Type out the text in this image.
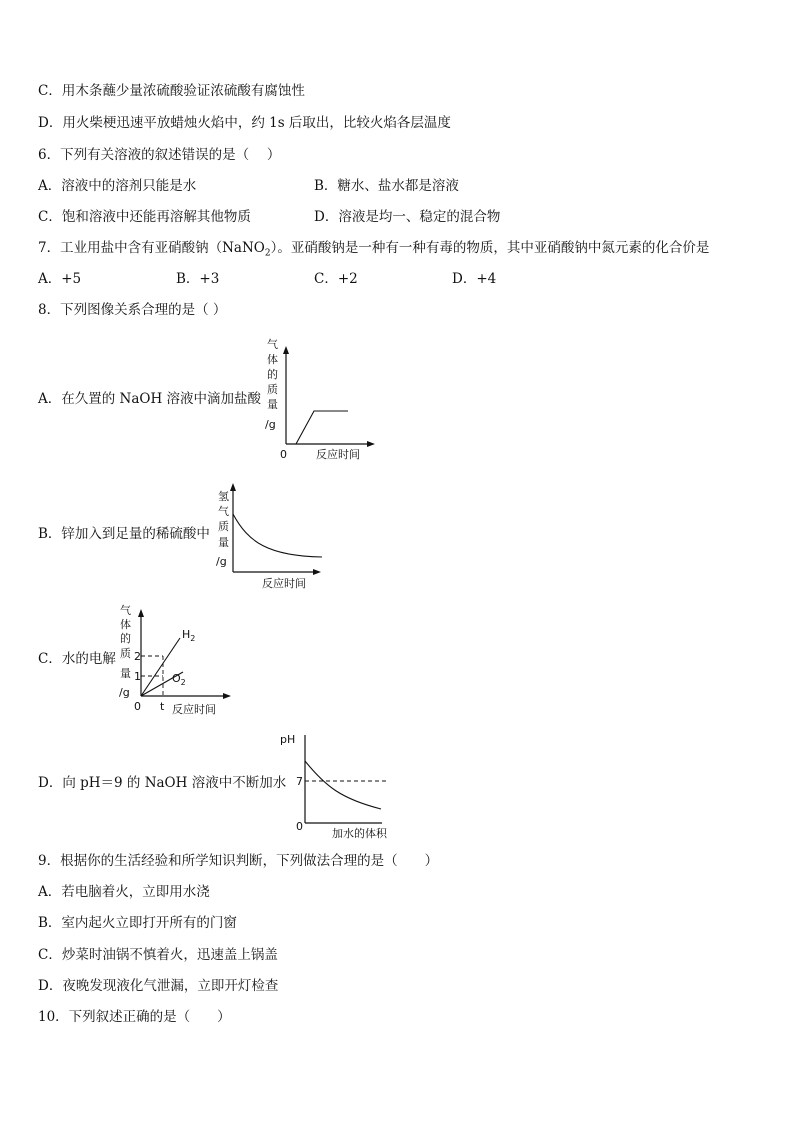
C．用木条蘸少量浓硫酸验证浓硫酸有腐蚀性
D．用火柴梗迅速平放蜡烛火焰中，约 1s 后取出，比较火焰各层温度
6．下列有关溶液的叙述错误的是（　 ）
A．溶液中的溶剂只能是水	B．糖水、盐水都是溶液
C．饱和溶液中还能再溶解其他物质	D．溶液是均一、稳定的混合物
7．工业用盐中含有亚硝酸钠（NaNO$_2$）。亚硝酸钠是一种有一种有毒的物质，其中亚硝酸钠中氮元素的化合价是
A．+5	B．+3	C．+2	D．+4
8．下列图像关系合理的是（ ）
A．在久置的 NaOH 溶液中滴加盐酸
B．锌加入到足量的稀硫酸中
C．水的电解
D．向 pH＝9 的 NaOH 溶液中不断加水
9．根据你的生活经验和所学知识判断，下列做法合理的是（　　）
A．若电脑着火，立即用水浇
B．室内起火立即打开所有的门窗
C．炒菜时油锅不慎着火，迅速盖上锅盖
D．夜晚发现液化气泄漏，立即开灯检查
10．下列叙述正确的是（　　）
气
体
的
质
量
/g
0	反应时间
氢
气
质
量
/g
反应时间
气
体
的
质
量
/g
2
1
$H_2$
$O_2$
0 t 反应时间
pH
7
0
加水的体积
